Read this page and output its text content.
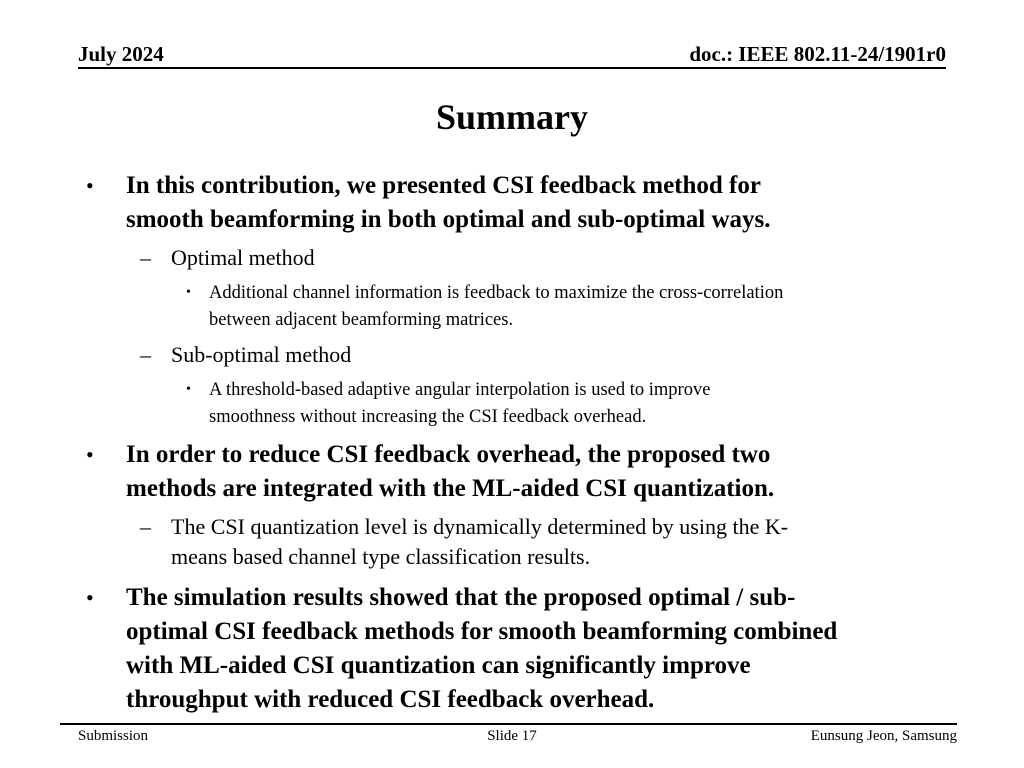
July 2024	doc.: IEEE 802.11-24/1901r0
Summary
• In this contribution, we presented CSI feedback method for
smooth beamforming in both optimal and sub-optimal ways.
– Optimal method
• Additional channel information is feedback to maximize the cross-correlation
between adjacent beamforming matrices.
– Sub-optimal method
• A threshold-based adaptive angular interpolation is used to improve
smoothness without increasing the CSI feedback overhead.
• In order to reduce CSI feedback overhead, the proposed two
methods are integrated with the ML-aided CSI quantization.
– The CSI quantization level is dynamically determined by using the K-
means based channel type classification results.
• The simulation results showed that the proposed optimal / sub-
optimal CSI feedback methods for smooth beamforming combined
with ML-aided CSI quantization can significantly improve
throughput with reduced CSI feedback overhead.
Submission	Slide 17	Eunsung Jeon, Samsung
